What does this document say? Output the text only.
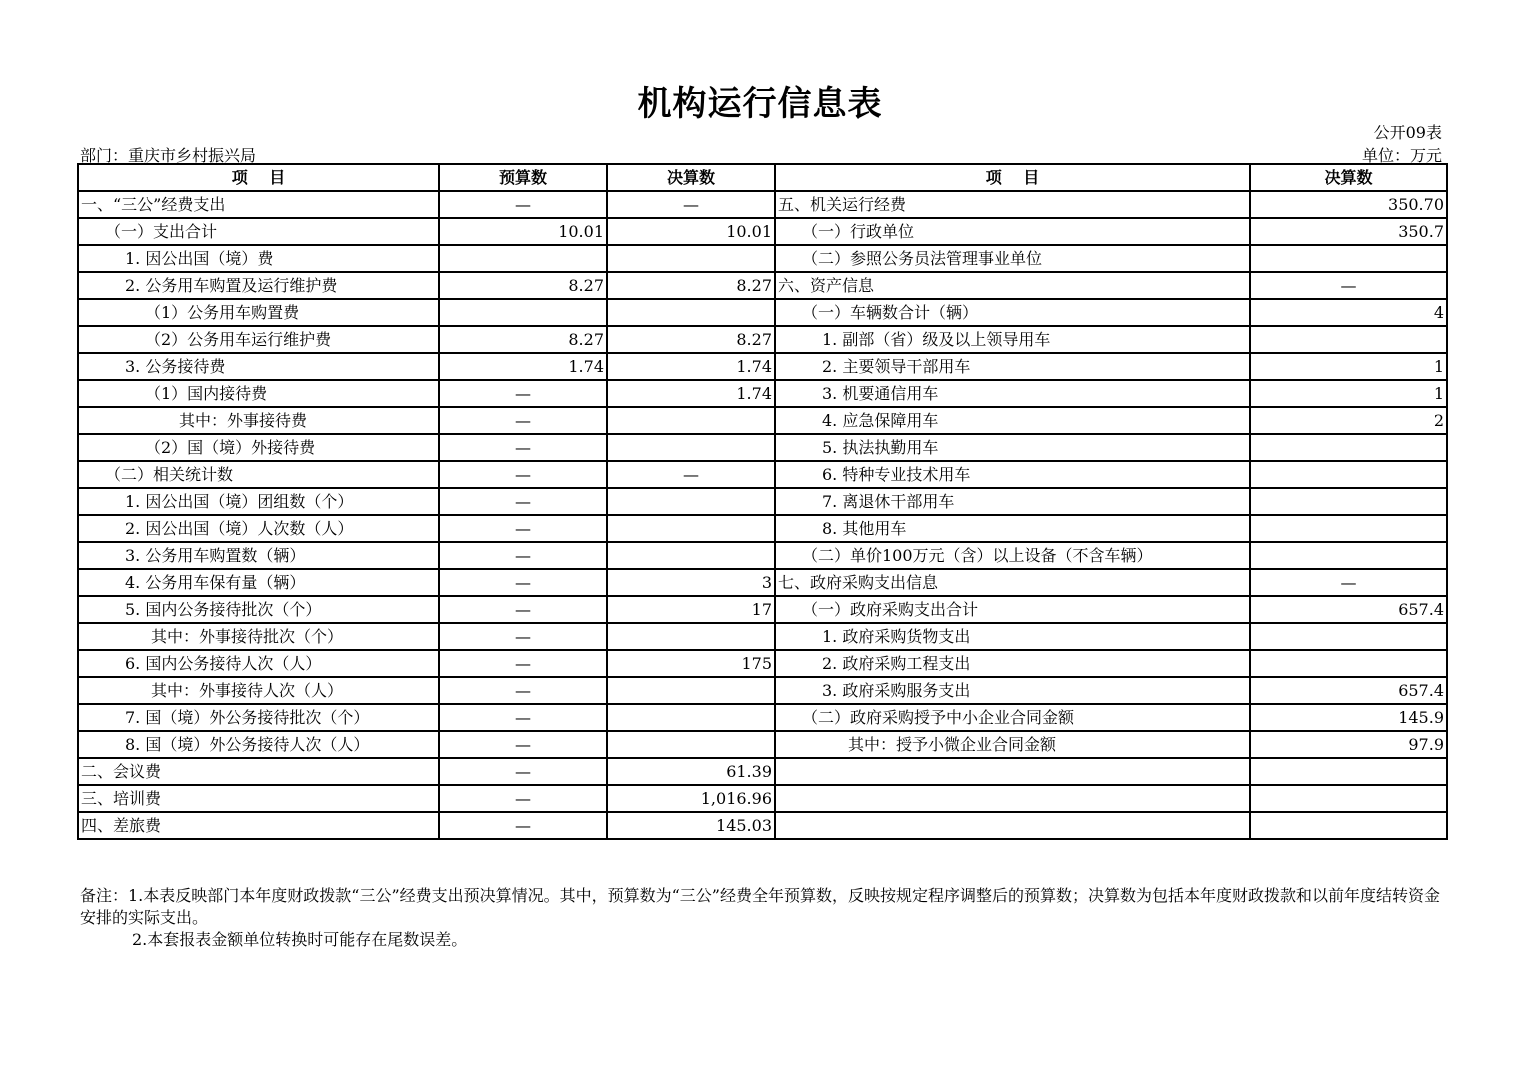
机构运行信息表
公开09表
部门：重庆市乡村振兴局	单位：万元
项　 目	预算数	决算数	项　 目	决算数
一、“三公”经费支出	—	—	五、机关运行经费	350.70
（一）支出合计	10.01	10.01	（一）行政单位	350.7
1. 因公出国（境）费			（二）参照公务员法管理事业单位	
2. 公务用车购置及运行维护费	8.27	8.27	六、资产信息	—
（1）公务用车购置费			（一）车辆数合计（辆）	4
（2）公务用车运行维护费	8.27	8.27	1. 副部（省）级及以上领导用车	
3. 公务接待费	1.74	1.74	2. 主要领导干部用车	1
（1）国内接待费	—	1.74	3. 机要通信用车	1
其中：外事接待费	—		4. 应急保障用车	2
（2）国（境）外接待费	—		5. 执法执勤用车	
（二）相关统计数	—	—	6. 特种专业技术用车	
1. 因公出国（境）团组数（个）	—		7. 离退休干部用车	
2. 因公出国（境）人次数（人）	—		8. 其他用车	
3. 公务用车购置数（辆）	—		（二）单价100万元（含）以上设备（不含车辆）	
4. 公务用车保有量（辆）	—	3	七、政府采购支出信息	—
5. 国内公务接待批次（个）	—	17	（一）政府采购支出合计	657.4
其中：外事接待批次（个）	—		1. 政府采购货物支出	
6. 国内公务接待人次（人）	—	175	2. 政府采购工程支出	
其中：外事接待人次（人）	—		3. 政府采购服务支出	657.4
7. 国（境）外公务接待批次（个）	—		（二）政府采购授予中小企业合同金额	145.9
8. 国（境）外公务接待人次（人）	—		其中：授予小微企业合同金额	97.9
二、会议费	—	61.39		
三、培训费	—	1,016.96		
四、差旅费	—	145.03		

备注：1.本表反映部门本年度财政拨款“三公”经费支出预决算情况。其中，预算数为“三公”经费全年预算数，反映按规定程序调整后的预算数；决算数为包括本年度财政拨款和以前年度结转资金安排的实际支出。

2.本套报表金额单位转换时可能存在尾数误差。
